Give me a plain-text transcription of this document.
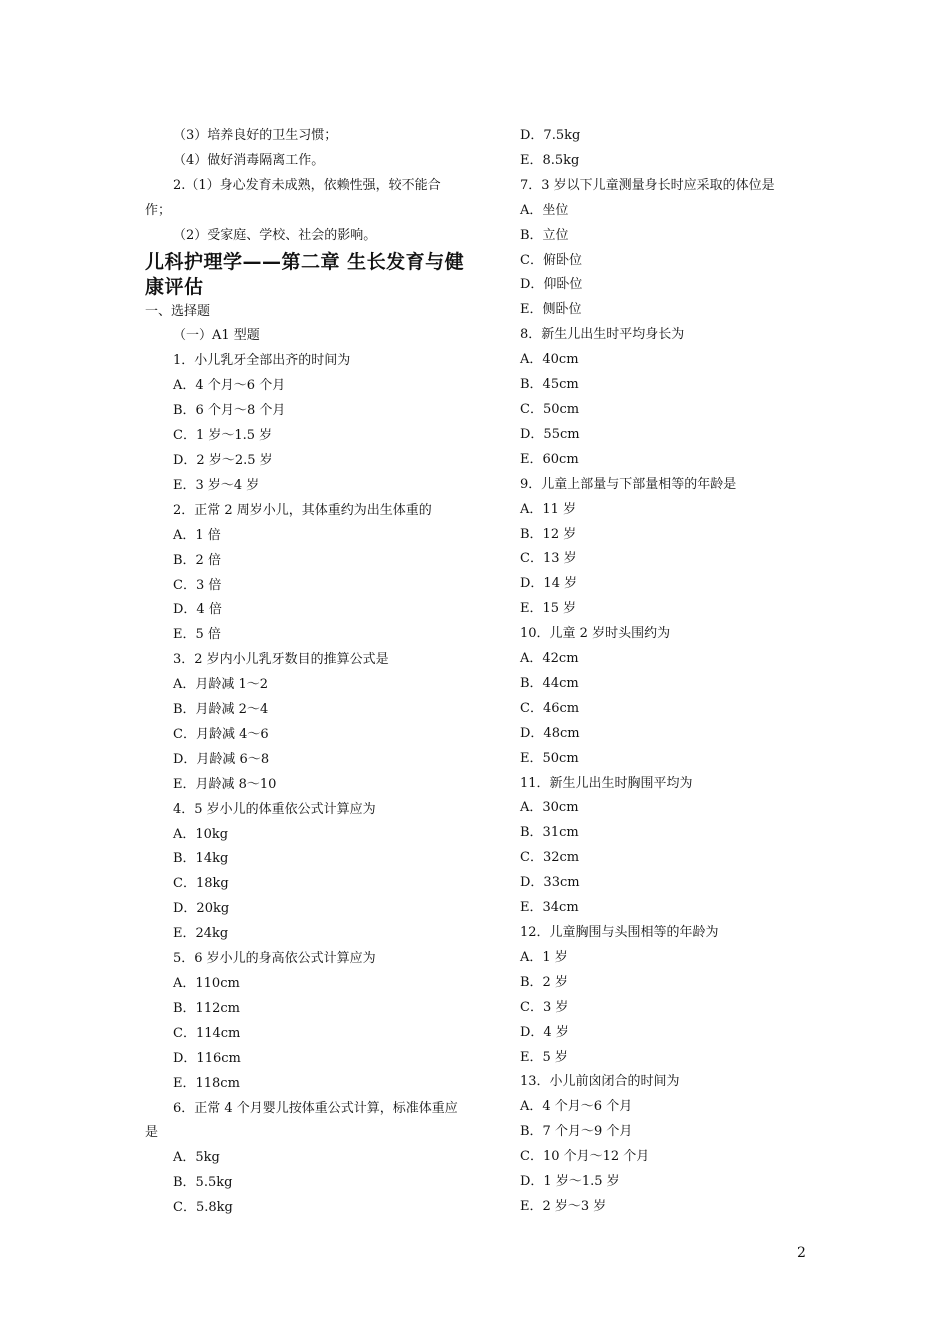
（3）培养良好的卫生习惯；
（4）做好消毒隔离工作。
2.（1）身心发育未成熟，依赖性强，较不能合作；
（2）受家庭、学校、社会的影响。
儿科护理学——第二章 生长发育与健康评估
一、选择题
（一）A1 型题
1．小儿乳牙全部出齐的时间为
A．4 个月～6 个月
B．6 个月～8 个月
C．1 岁～1.5 岁
D．2 岁～2.5 岁
E．3 岁～4 岁
2．正常 2 周岁小儿，其体重约为出生体重的
A．1 倍
B．2 倍
C．3 倍
D．4 倍
E．5 倍
3．2 岁内小儿乳牙数目的推算公式是
A．月龄减 1～2
B．月龄减 2～4
C．月龄减 4～6
D．月龄减 6～8
E．月龄减 8～10
4．5 岁小儿的体重依公式计算应为
A．10kg
B．14kg
C．18kg
D．20kg
E．24kg
5．6 岁小儿的身高依公式计算应为
A．110cm
B．112cm
C．114cm
D．116cm
E．118cm
6．正常 4 个月婴儿按体重公式计算，标准体重应是
A．5kg
B．5.5kg
C．5.8kg
D．7.5kg
E．8.5kg
7．3 岁以下儿童测量身长时应采取的体位是
A．坐位
B．立位
C．俯卧位
D．仰卧位
E．侧卧位
8．新生儿出生时平均身长为
A．40cm
B．45cm
C．50cm
D．55cm
E．60cm
9．儿童上部量与下部量相等的年龄是
A．11 岁
B．12 岁
C．13 岁
D．14 岁
E．15 岁
10．儿童 2 岁时头围约为
A．42cm
B．44cm
C．46cm
D．48cm
E．50cm
11．新生儿出生时胸围平均为
A．30cm
B．31cm
C．32cm
D．33cm
E．34cm
12．儿童胸围与头围相等的年龄为
A．1 岁
B．2 岁
C．3 岁
D．4 岁
E．5 岁
13．小儿前囟闭合的时间为
A．4 个月～6 个月
B．7 个月～9 个月
C．10 个月～12 个月
D．1 岁～1.5 岁
E．2 岁～3 岁
2
